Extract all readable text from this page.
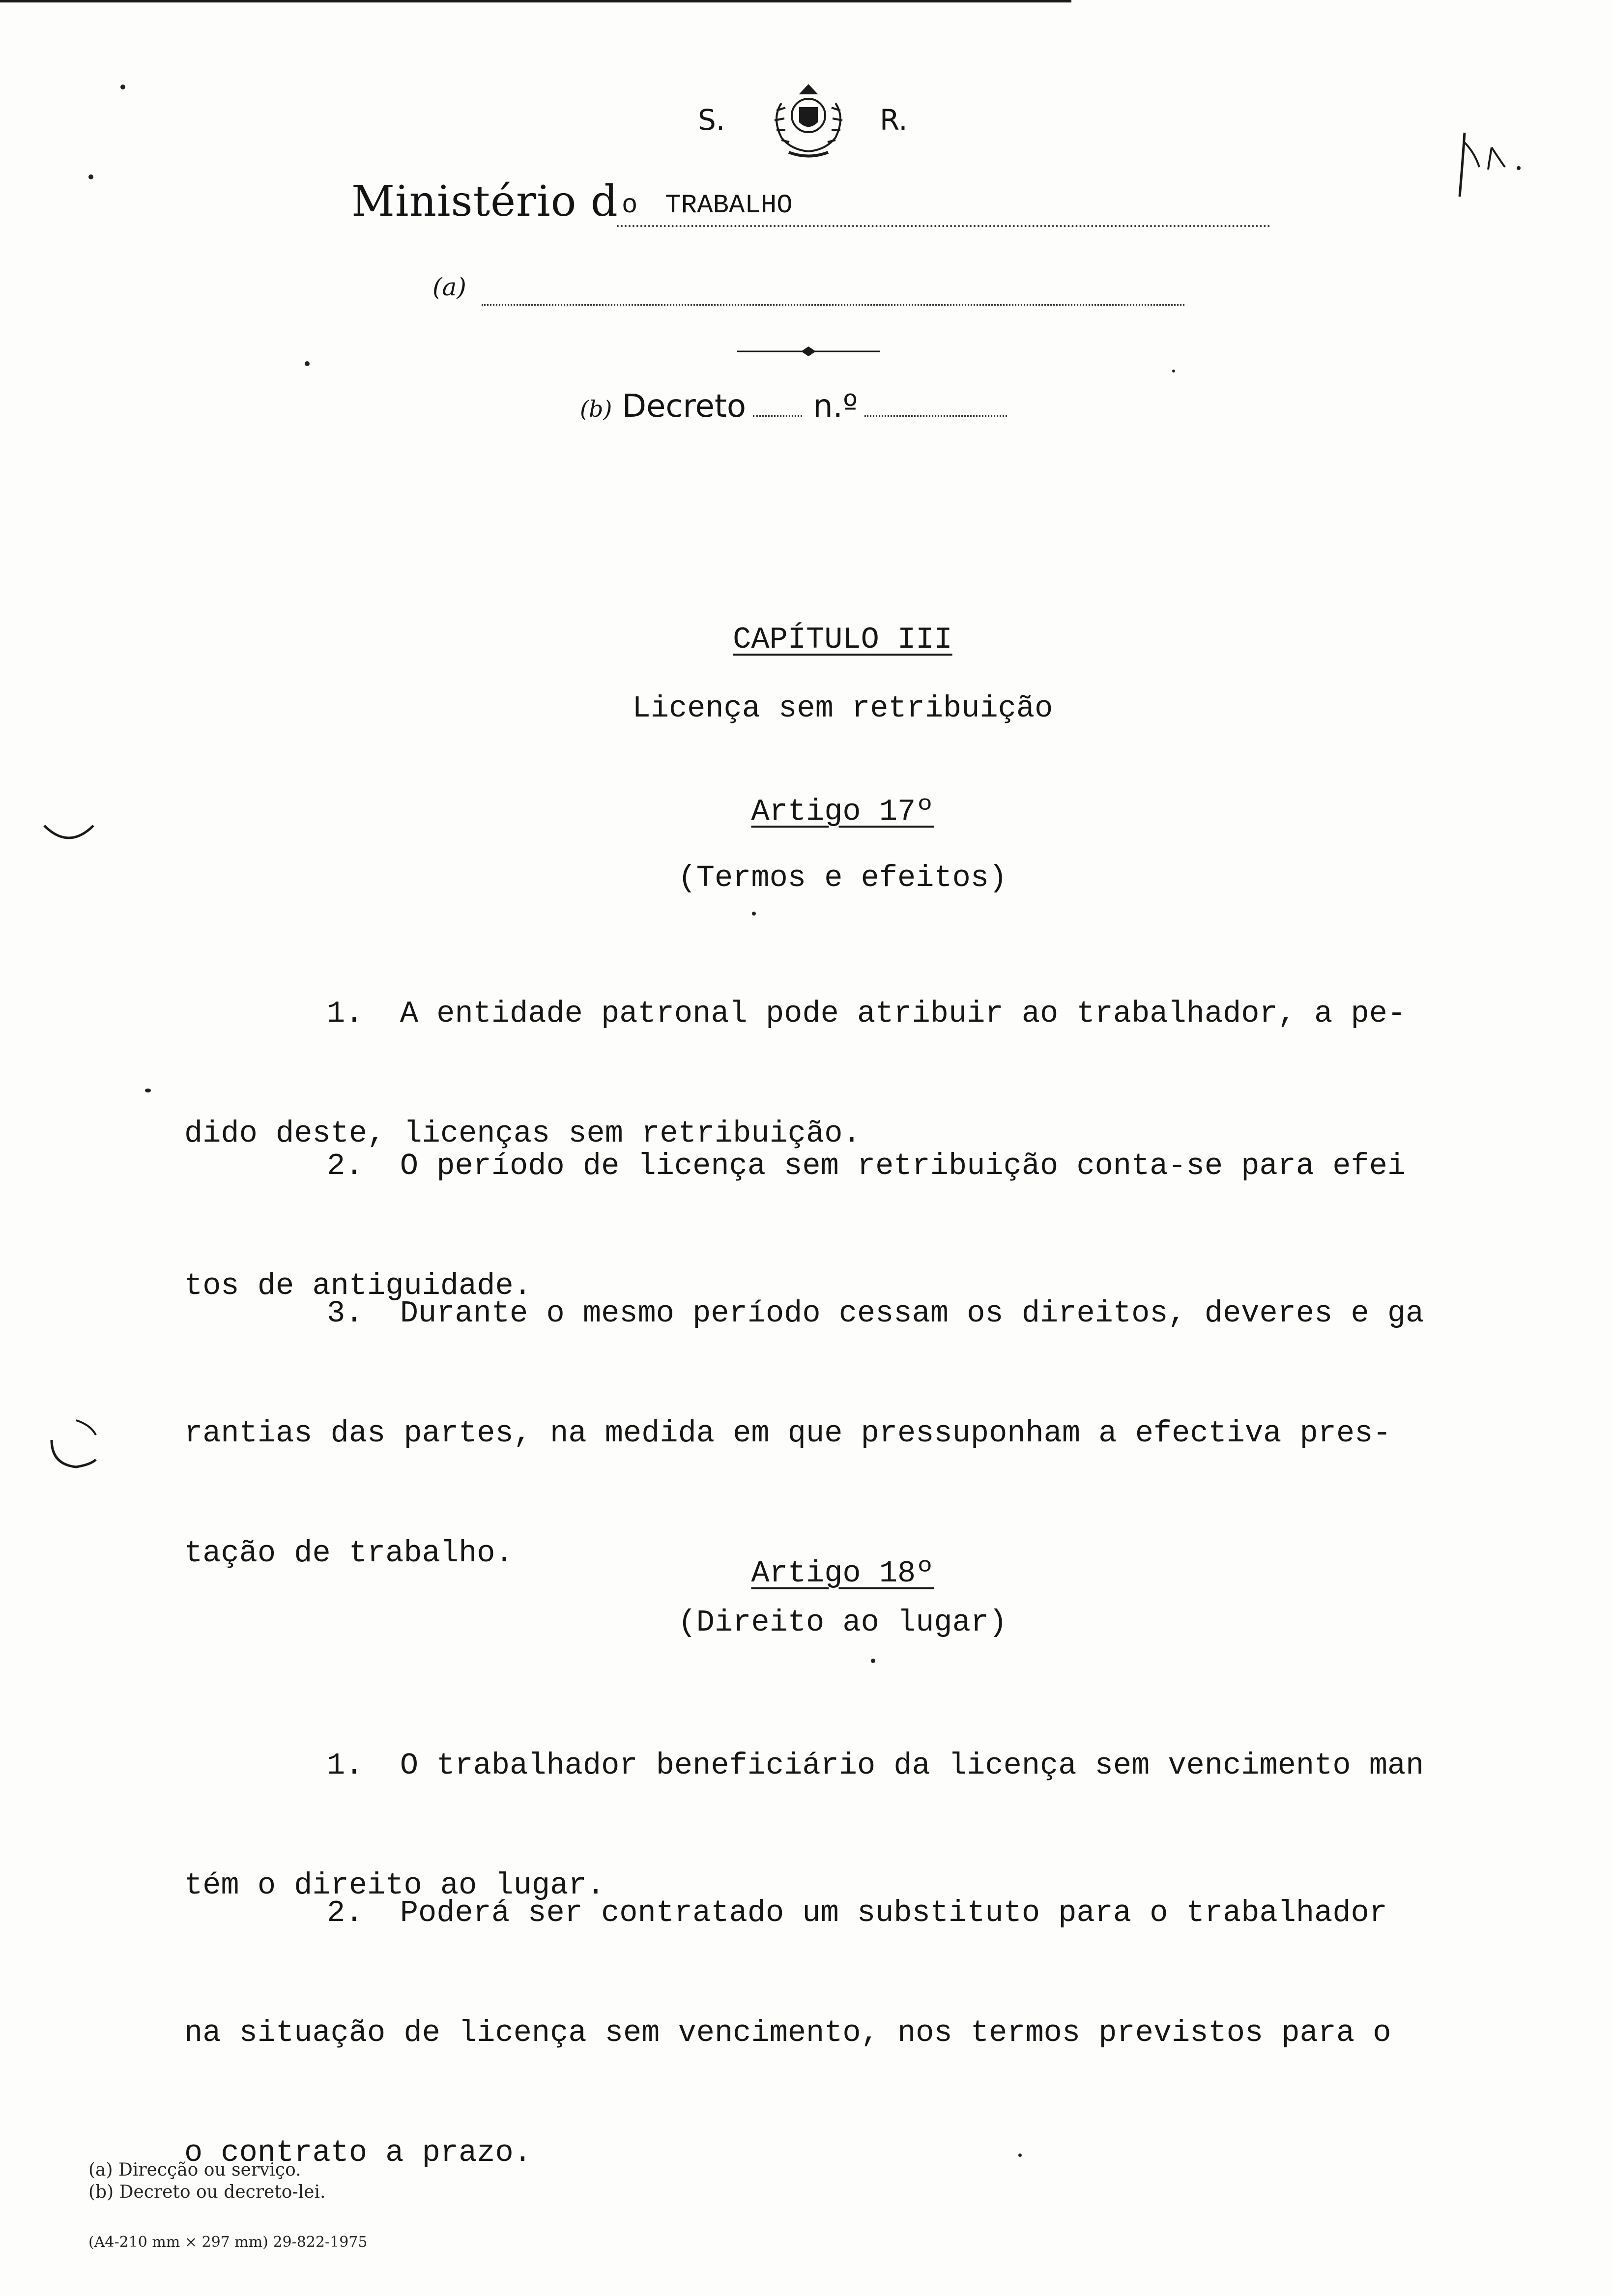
S.	R.
Ministério d o TRABALHO
(a)
(b) Decreto n.º

CAPÍTULO III

Licença sem retribuição

Artigo 17º

(Termos e efeitos)

1.  A entidade patronal pode atribuir ao trabalhador, a pe-

dido deste, licenças sem retribuição.

2.  O período de licença sem retribuição conta-se para efei

tos de antiguidade.

3.  Durante o mesmo período cessam os direitos, deveres e ga

rantias das partes, na medida em que pressuponham a efectiva pres-

tação de trabalho.

Artigo 18º

(Direito ao lugar)

1.  O trabalhador beneficiário da licença sem vencimento man

tém o direito ao lugar.

2.  Poderá ser contratado um substituto para o trabalhador

na situação de licença sem vencimento, nos termos previstos para o

o contrato a prazo.

(a) Direcção ou serviço.
(b) Decreto ou decreto-lei.
(A4-210 mm × 297 mm) 29-822-1975
